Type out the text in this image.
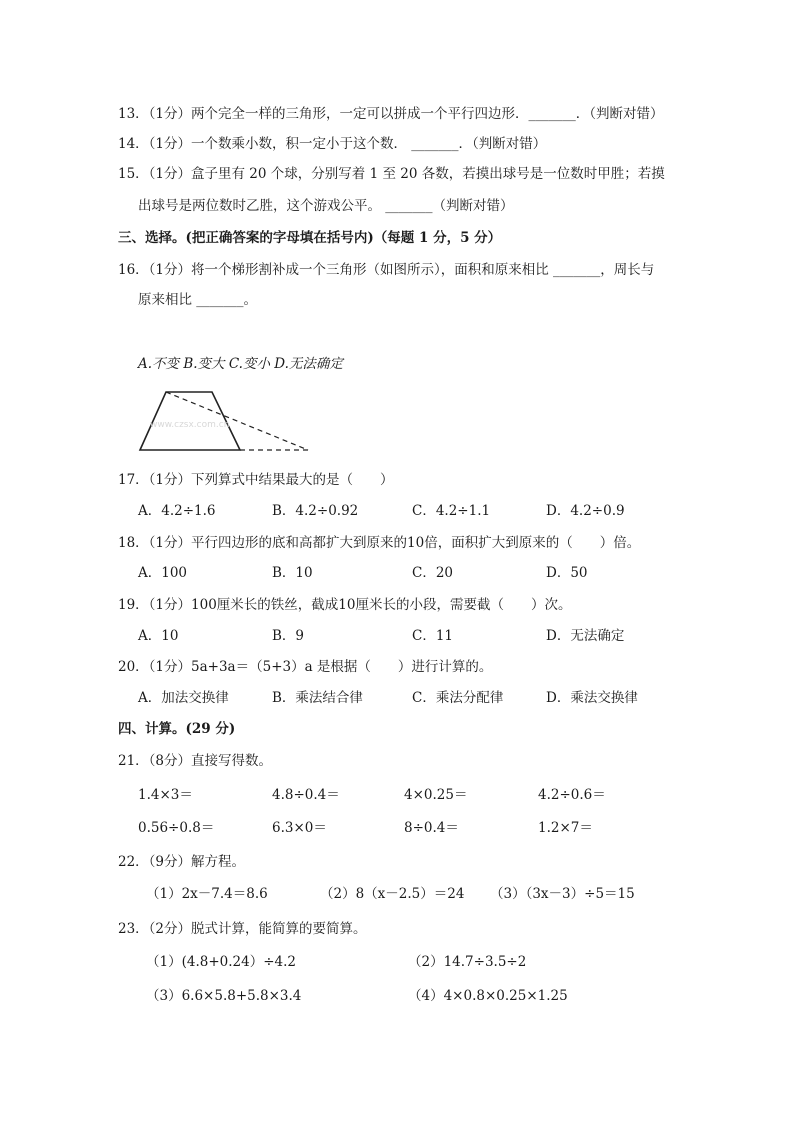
13．（1分）两个完全一样的三角形，一定可以拼成一个平行四边形．_______．（判断对错）
14．（1分）一个数乘小数，积一定小于这个数． _______．（判断对错）
15．（1分）盒子里有 20 个球，分别写着 1 至 20 各数，若摸出球号是一位数时甲胜；若摸
出球号是两位数时乙胜，这个游戏公平。 _______（判断对错）
三、选择。(把正确答案的字母填在括号内)（每题 1 分，5 分）
16．（1分）将一个梯形割补成一个三角形（如图所示），面积和原来相比 _______，周长与
原来相比 _______。
A.不变 B.变大 C.变小 D.无法确定
www.czsx.com.cn
17．（1分）下列算式中结果最大的是（　　）
A．4.2÷1.6	B．4.2÷0.92	C．4.2÷1.1	D．4.2÷0.9
18．（1分）平行四边形的底和高都扩大到原来的10倍，面积扩大到原来的（　　）倍。
A．100	B．10	C．20	D．50
19．（1分）100厘米长的铁丝，截成10厘米长的小段，需要截（　　）次。
A．10	B．9	C．11	D．无法确定
20．（1分）5a+3a＝（5+3）a 是根据（　　）进行计算的。
A．加法交换律	B．乘法结合律	C．乘法分配律	D．乘法交换律
四、计算。(29 分)
21．（8分）直接写得数。
1.4×3＝	4.8÷0.4＝	4×0.25＝	4.2÷0.6＝
0.56÷0.8＝	6.3×0＝	8÷0.4＝	1.2×7＝
22．（9分）解方程。
（1）2x－7.4＝8.6	（2）8（x－2.5）＝24 （3）（3x－3）÷5＝15
23．（2分）脱式计算，能简算的要简算。
（1）(4.8+0.24）÷4.2	（2）14.7÷3.5÷2
（3）6.6×5.8+5.8×3.4	（4）4×0.8×0.25×1.25
